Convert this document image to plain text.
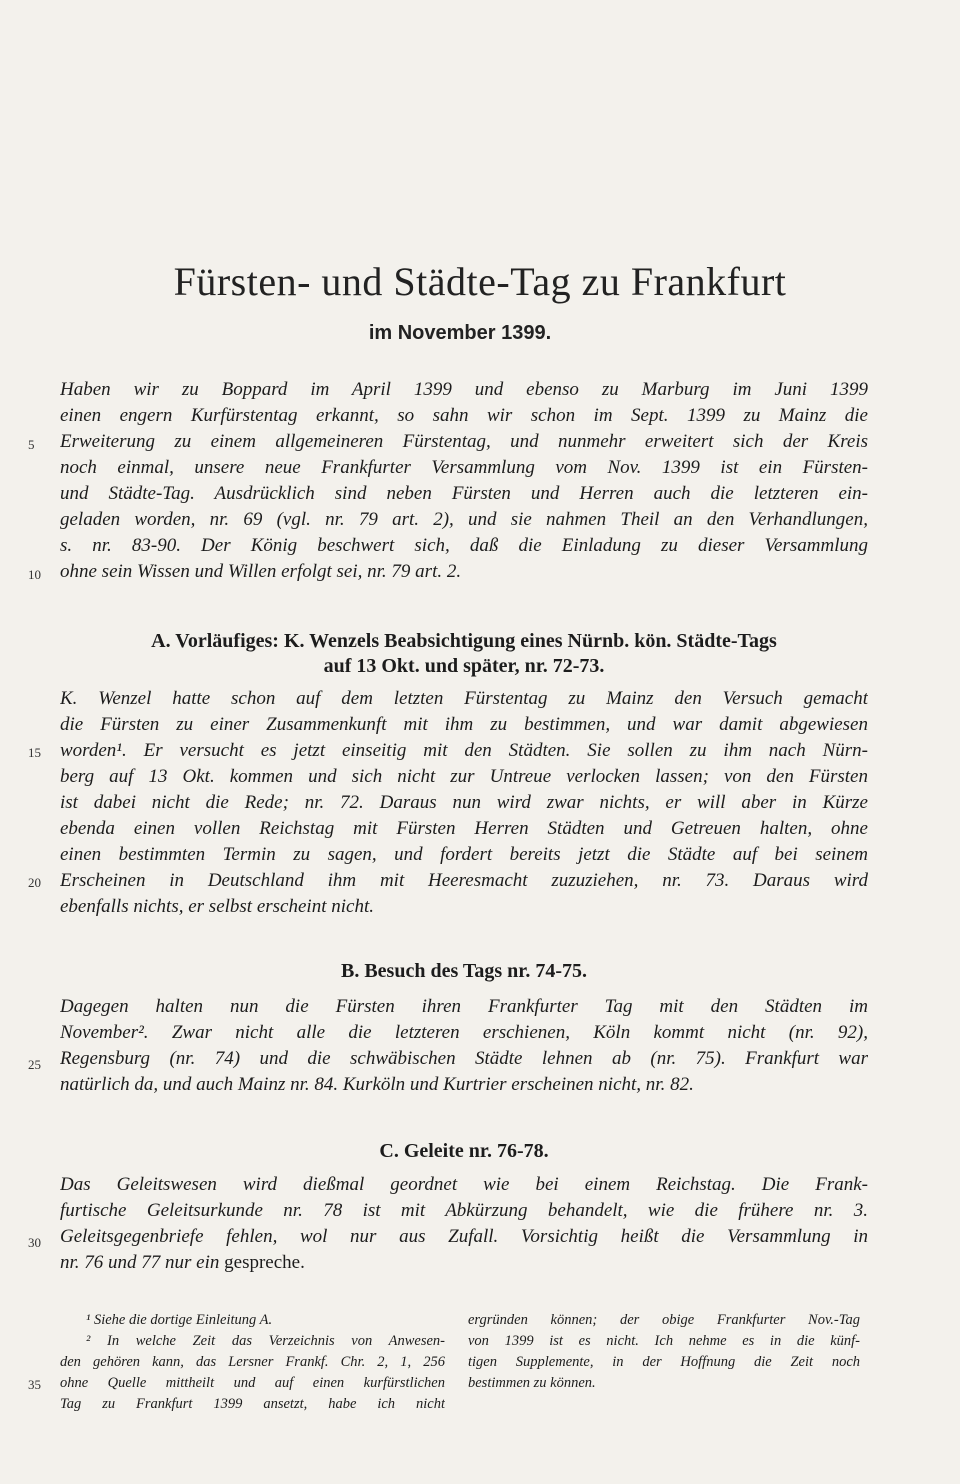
Fürsten- und Städte-Tag zu Frankfurt
im November 1399.
Haben wir zu Boppard im April 1399 und ebenso zu Marburg im Juni 1399
einen engern Kurfürstentag erkannt, so sahn wir schon im Sept. 1399 zu Mainz die
Erweiterung zu einem allgemeineren Fürstentag, und nunmehr erweitert sich der Kreis
noch einmal, unsere neue Frankfurter Versammlung vom Nov. 1399 ist ein Fürsten-
und Städte-Tag. Ausdrücklich sind neben Fürsten und Herren auch die letzteren ein-
geladen worden, nr. 69 (vgl. nr. 79 art. 2), und sie nahmen Theil an den Verhandlungen,
s. nr. 83-90. Der König beschwert sich, daß die Einladung zu dieser Versammlung
ohne sein Wissen und Willen erfolgt sei, nr. 79 art. 2.
A. Vorläufiges: K. Wenzels Beabsichtigung eines Nürnb. kön. Städte-Tags
auf 13 Okt. und später, nr. 72-73.
K. Wenzel hatte schon auf dem letzten Fürstentag zu Mainz den Versuch gemacht
die Fürsten zu einer Zusammenkunft mit ihm zu bestimmen, und war damit abgewiesen
worden¹. Er versucht es jetzt einseitig mit den Städten. Sie sollen zu ihm nach Nürn-
berg auf 13 Okt. kommen und sich nicht zur Untreue verlocken lassen; von den Fürsten
ist dabei nicht die Rede; nr. 72. Daraus nun wird zwar nichts, er will aber in Kürze
ebenda einen vollen Reichstag mit Fürsten Herren Städten und Getreuen halten, ohne
einen bestimmten Termin zu sagen, und fordert bereits jetzt die Städte auf bei seinem
Erscheinen in Deutschland ihm mit Heeresmacht zuzuziehen, nr. 73. Daraus wird
ebenfalls nichts, er selbst erscheint nicht.
B. Besuch des Tags nr. 74-75.
Dagegen halten nun die Fürsten ihren Frankfurter Tag mit den Städten im
November². Zwar nicht alle die letzteren erschienen, Köln kommt nicht (nr. 92),
Regensburg (nr. 74) und die schwäbischen Städte lehnen ab (nr. 75). Frankfurt war
natürlich da, und auch Mainz nr. 84. Kurköln und Kurtrier erscheinen nicht, nr. 82.
C. Geleite nr. 76-78.
Das Geleitswesen wird dießmal geordnet wie bei einem Reichstag. Die Frank-
furtische Geleitsurkunde nr. 78 ist mit Abkürzung behandelt, wie die frühere nr. 3.
Geleitsgegenbriefe fehlen, wol nur aus Zufall. Vorsichtig heißt die Versammlung in
nr. 76 und 77 nur ein gespreche.
5
10
15
20
25
30
35
¹ Siehe die dortige Einleitung A.
² In welche Zeit das Verzeichnis von Anwesen-
den gehören kann, das Lersner Frankf. Chr. 2, 1, 256
ohne Quelle mittheilt und auf einen kurfürstlichen
Tag zu Frankfurt 1399 ansetzt, habe ich nicht
ergründen können; der obige Frankfurter Nov.-Tag
von 1399 ist es nicht. Ich nehme es in die künf-
tigen Supplemente, in der Hoffnung die Zeit noch
bestimmen zu können.
